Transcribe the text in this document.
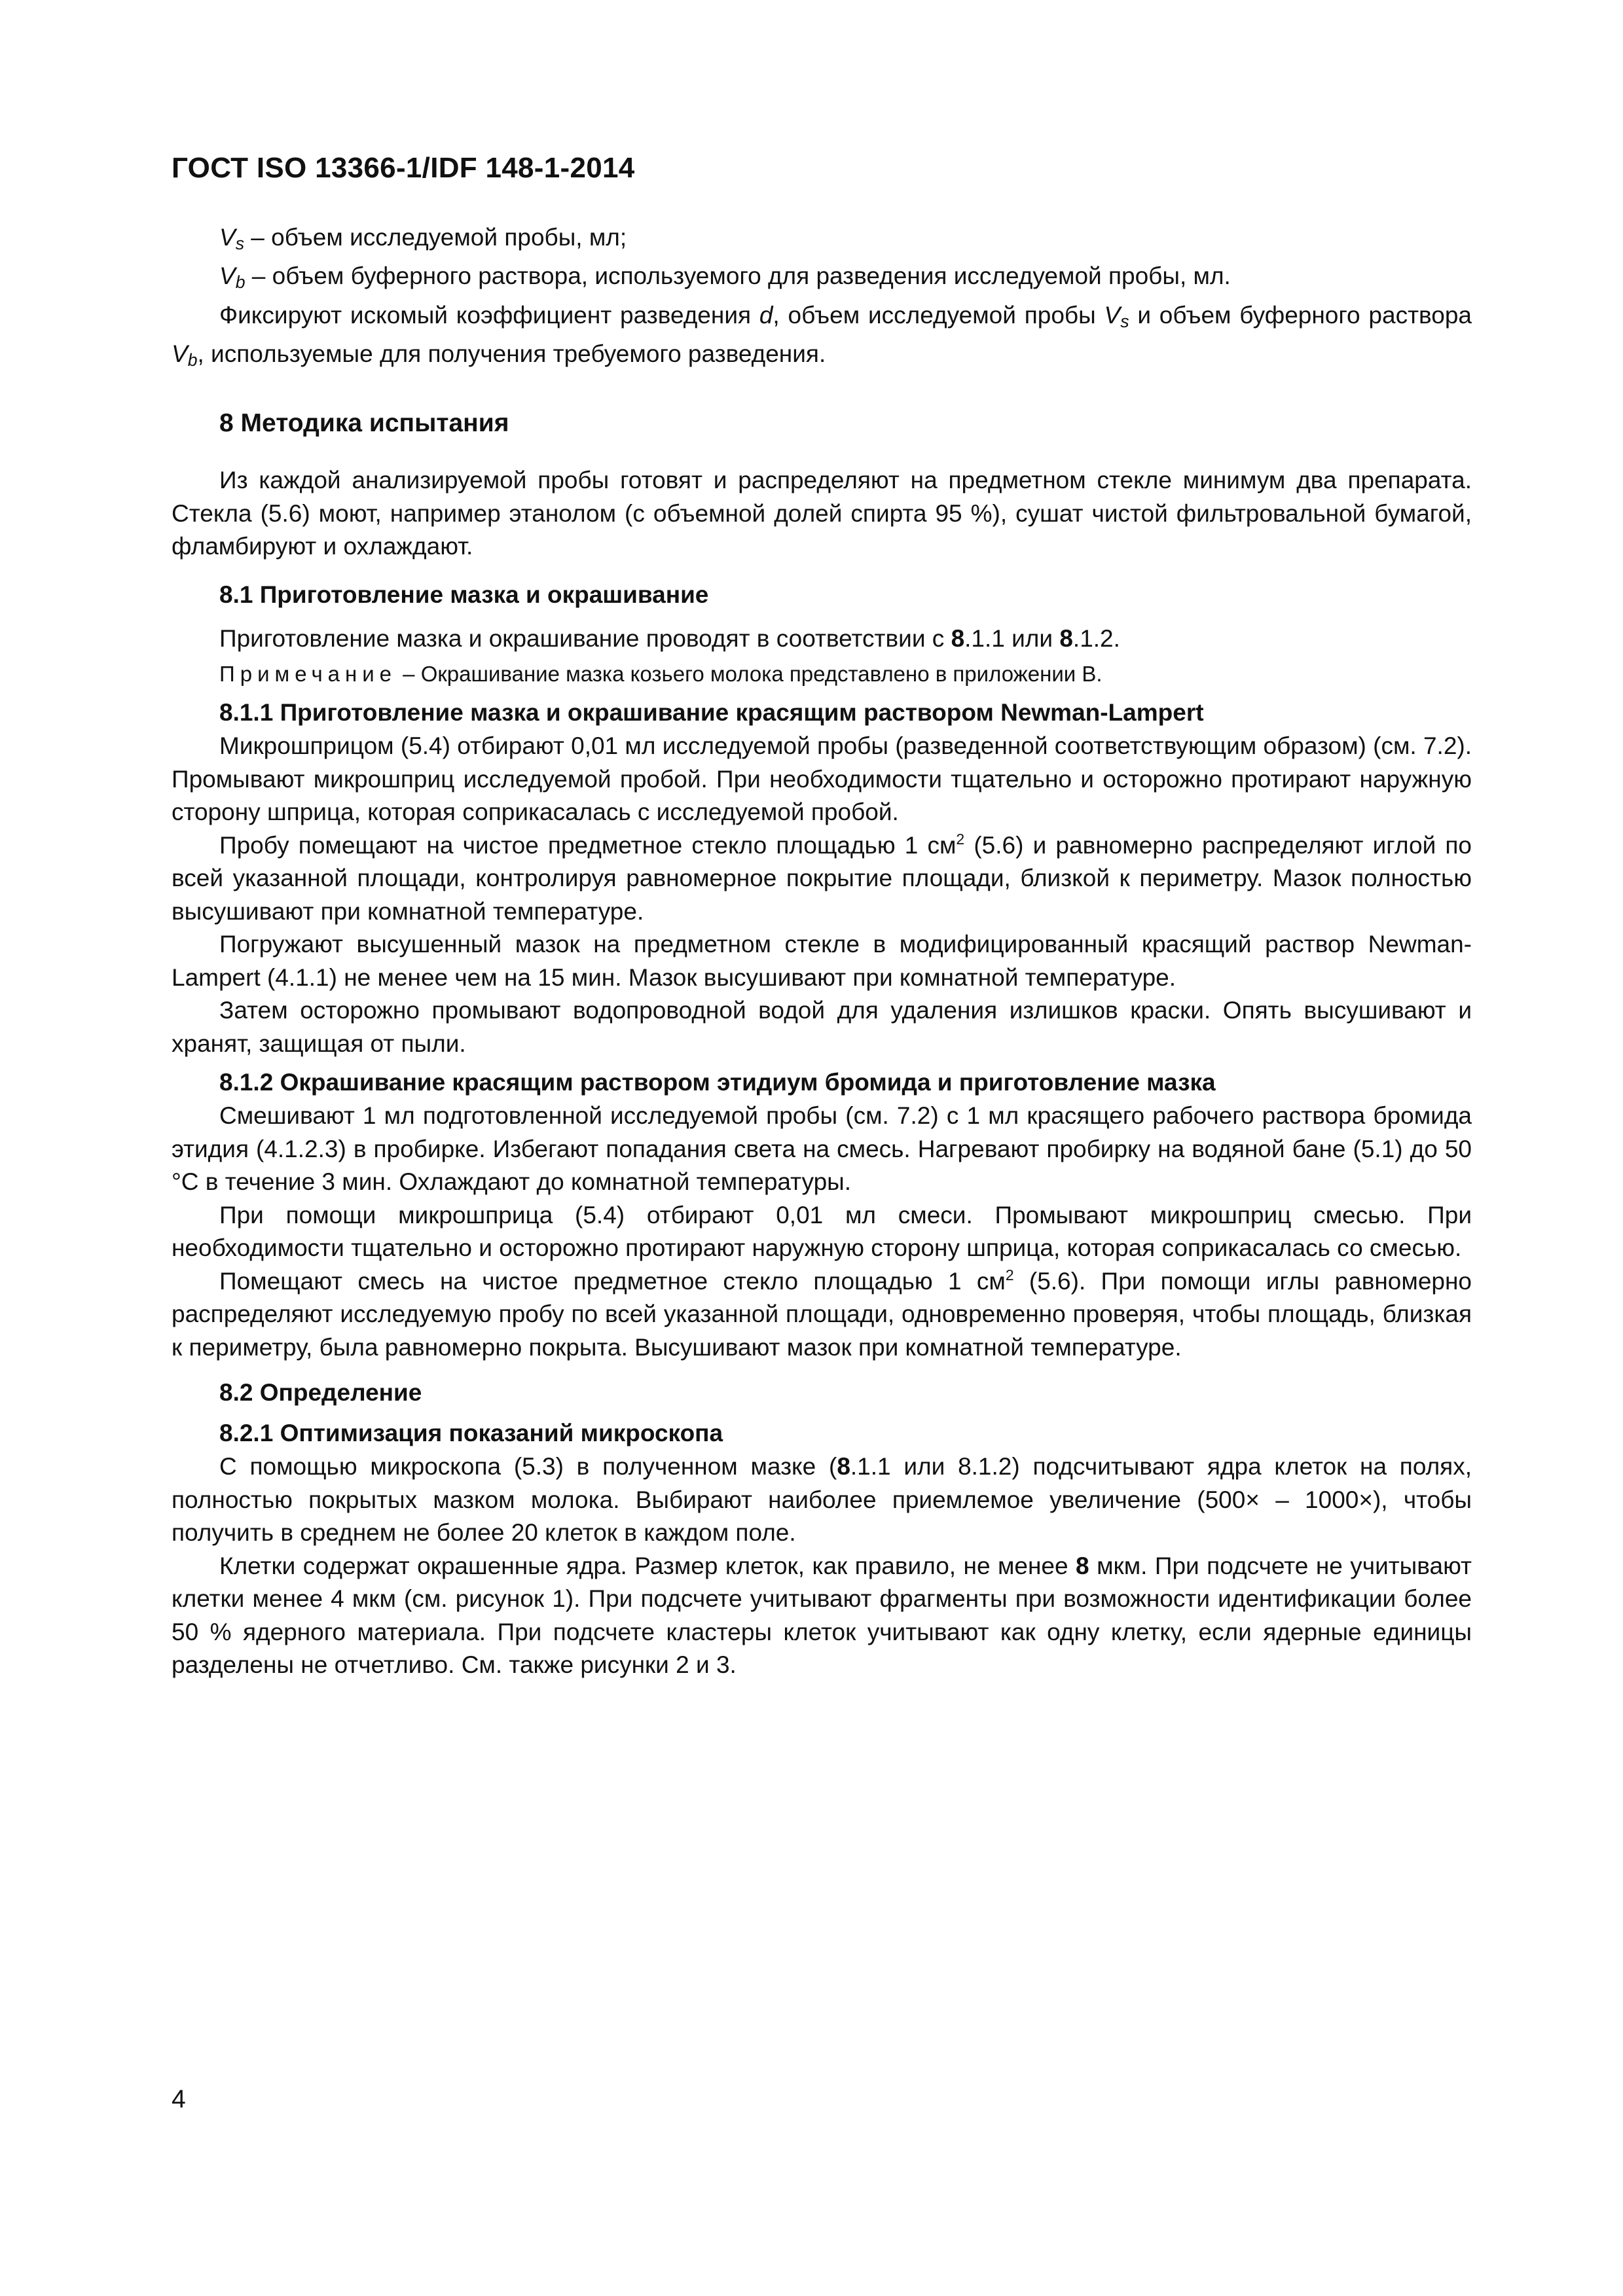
ГОСТ ISO 13366-1/IDF 148-1-2014

$V_s$ – объем исследуемой пробы, мл;

$V_b$ – объем буферного раствора, используемого для разведения исследуемой пробы, мл.

Фиксируют искомый коэффициент разведения d, объем исследуемой пробы $V_s$ и объем буферного раствора $V_b$, используемые для получения требуемого разведения.

8 Методика испытания

Из каждой анализируемой пробы готовят и распределяют на предметном стекле минимум два препарата. Стекла (5.6) моют, например этанолом (с объемной долей спирта 95 %), сушат чистой фильтровальной бумагой, фламбируют и охлаждают.

8.1 Приготовление мазка и окрашивание

Приготовление мазка и окрашивание проводят в соответствии с 8.1.1 или 8.1.2.

Примечание – Окрашивание мазка козьего молока представлено в приложении В.

8.1.1 Приготовление мазка и окрашивание красящим раствором Newman-Lampert

Микрошприцом (5.4) отбирают 0,01 мл исследуемой пробы (разведенной соответствующим образом) (см. 7.2). Промывают микрошприц исследуемой пробой. При необходимости тщательно и осторожно протирают наружную сторону шприца, которая соприкасалась с исследуемой пробой.

Пробу помещают на чистое предметное стекло площадью 1 $см^2$ (5.6) и равномерно распределяют иглой по всей указанной площади, контролируя равномерное покрытие площади, близкой к периметру. Мазок полностью высушивают при комнатной температуре.

Погружают высушенный мазок на предметном стекле в модифицированный красящий раствор Newman-Lampert (4.1.1) не менее чем на 15 мин. Мазок высушивают при комнатной температуре.

Затем осторожно промывают водопроводной водой для удаления излишков краски. Опять высушивают и хранят, защищая от пыли.

8.1.2 Окрашивание красящим раствором этидиум бромида и приготовление мазка

Смешивают 1 мл подготовленной исследуемой пробы (см. 7.2) с 1 мл красящего рабочего раствора бромида этидия (4.1.2.3) в пробирке. Избегают попадания света на смесь. Нагревают пробирку на водяной бане (5.1) до 50 °С в течение 3 мин. Охлаждают до комнатной температуры.

При помощи микрошприца (5.4) отбирают 0,01 мл смеси. Промывают микрошприц смесью. При необходимости тщательно и осторожно протирают наружную сторону шприца, которая соприкасалась со смесью.

Помещают смесь на чистое предметное стекло площадью 1 $см^2$ (5.6). При помощи иглы равномерно распределяют исследуемую пробу по всей указанной площади, одновременно проверяя, чтобы площадь, близкая к периметру, была равномерно покрыта. Высушивают мазок при комнатной температуре.

8.2 Определение
8.2.1 Оптимизация показаний микроскопа

С помощью микроскопа (5.3) в полученном мазке (8.1.1 или 8.1.2) подсчитывают ядра клеток на полях, полностью покрытых мазком молока. Выбирают наиболее приемлемое увеличение (500× – 1000×), чтобы получить в среднем не более 20 клеток в каждом поле.

Клетки содержат окрашенные ядра. Размер клеток, как правило, не менее 8 мкм. При подсчете не учитывают клетки менее 4 мкм (см. рисунок 1). При подсчете учитывают фрагменты при возможности идентификации более 50 % ядерного материала. При подсчете кластеры клеток учитывают как одну клетку, если ядерные единицы разделены не отчетливо. См. также рисунки 2 и 3.

4
